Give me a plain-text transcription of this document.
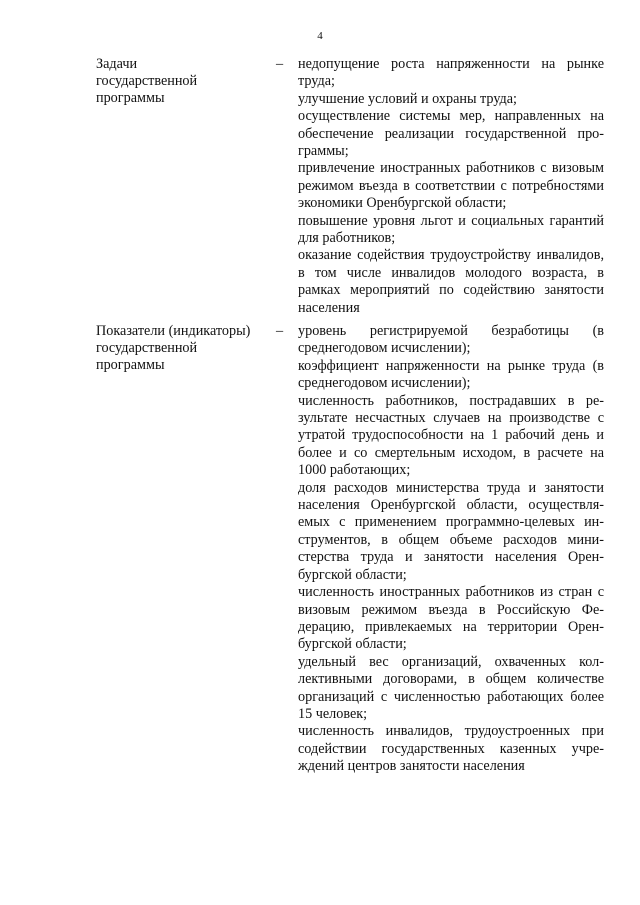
4
Задачи
государственной
программы
– недопущение роста напряженности на рынке труда;
улучшение условий и охраны труда;
осуществление системы мер, направленных на обеспечение реализации государственной программы;
привлечение иностранных работников с визовым режимом въезда в соответствии с потребностями экономики Оренбургской области;
повышение уровня льгот и социальных гарантий для работников;
оказание содействия трудоустройству инвалидов, в том числе инвалидов молодого возраста, в рамках мероприятий по содействию занятости населения
Показатели (индикаторы)
государственной
программы
– уровень регистрируемой безработицы (в среднегодовом исчислении);
коэффициент напряженности на рынке труда (в среднегодовом исчислении);
численность работников, пострадавших в результате несчастных случаев на производстве с утратой трудоспособности на 1 рабочий день и более и со смертельным исходом, в расчете на 1000 работающих;
доля расходов министерства труда и занятости населения Оренбургской области, осуществляемых с применением программно-целевых инструментов, в общем объеме расходов министерства труда и занятости населения Оренбургской области;
численность иностранных работников из стран с визовым режимом въезда в Российскую Федерацию, привлекаемых на территории Оренбургской области;
удельный вес организаций, охваченных коллективными договорами, в общем количестве организаций с численностью работающих более 15 человек;
численность инвалидов, трудоустроенных при содействии государственных казенных учреждений центров занятости населения
